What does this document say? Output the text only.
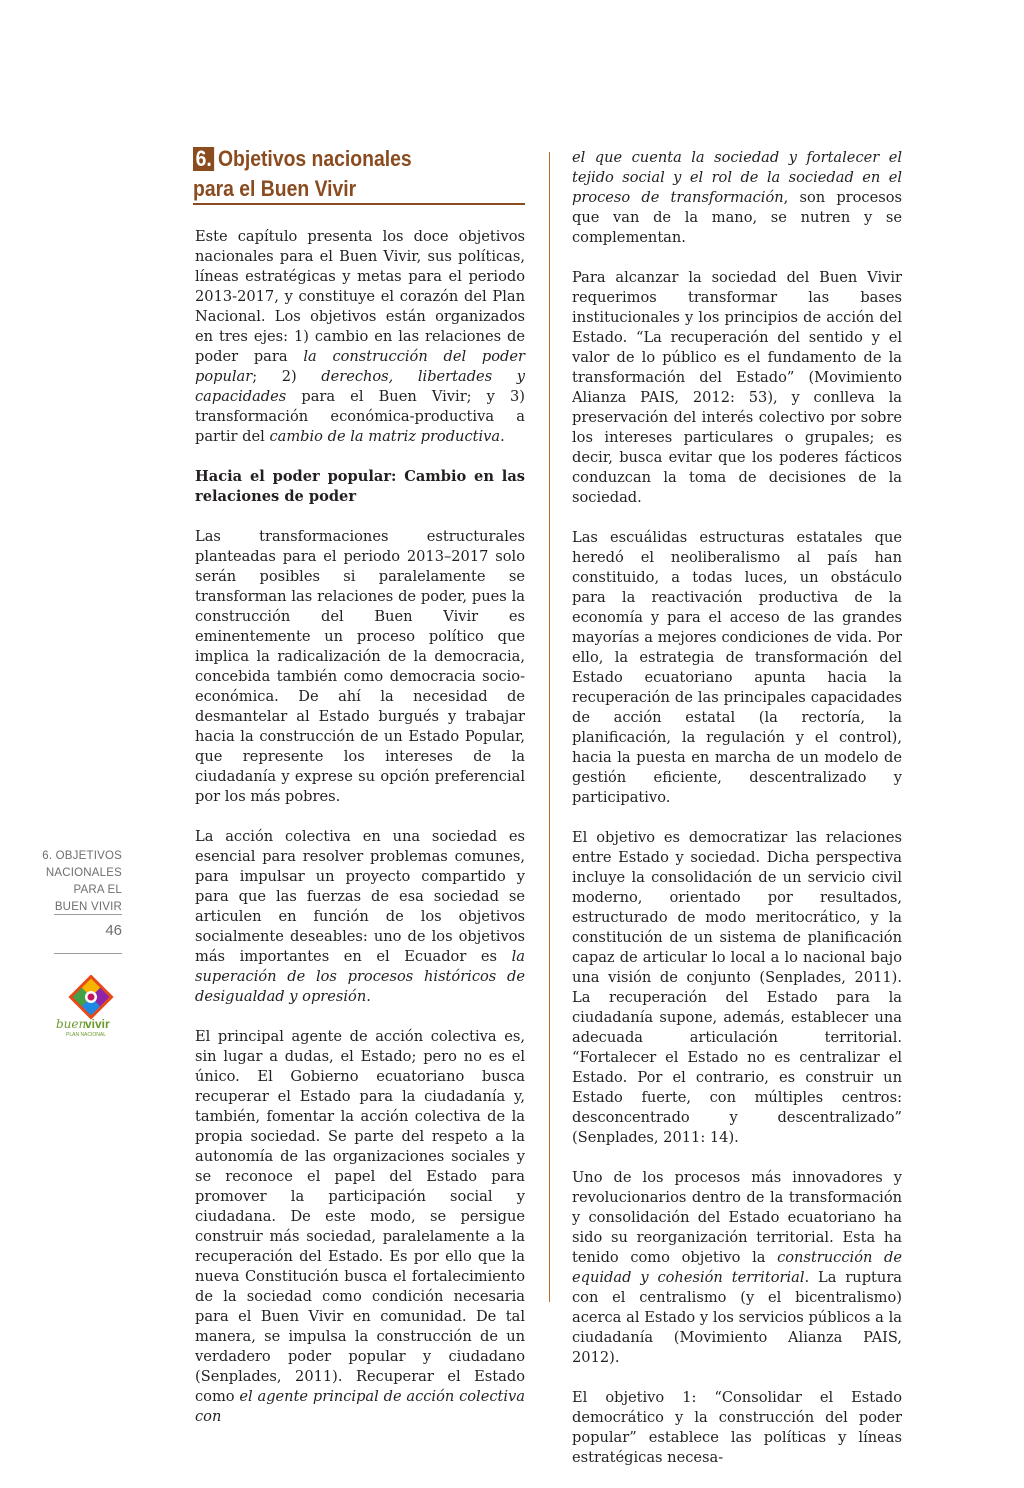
6. OBJETIVOS
NACIONALES
PARA EL
BUEN VIVIR
46
buen
vivir
PLAN NACIONAL
6. Objetivos nacionales
para el Buen Vivir

Este capítulo presenta los doce objetivos nacionales para el Buen Vivir, sus políticas, líneas estratégicas y metas para el periodo 2013-2017, y constituye el corazón del Plan Nacional. Los objetivos están organizados en tres ejes: 1) cambio en las relaciones de poder para la construcción del poder popular; 2) derechos, libertades y capacidades para el Buen Vivir; y 3) transformación económica-productiva a partir del cambio de la matriz productiva.

Hacia el poder popular: Cambio en las relaciones de poder

Las transformaciones estructurales planteadas para el periodo 2013–2017 solo serán posibles si paralelamente se transforman las relaciones de poder, pues la construcción del Buen Vivir es eminentemente un proceso político que implica la radicalización de la democracia, concebida también como democracia socio-económica. De ahí la necesidad de desmantelar al Estado burgués y trabajar hacia la construcción de un Estado Popular, que represente los intereses de la ciudadanía y exprese su opción preferencial por los más pobres.

La acción colectiva en una sociedad es esencial para resolver problemas comunes, para impulsar un proyecto compartido y para que las fuerzas de esa sociedad se articulen en función de los objetivos socialmente deseables: uno de los objetivos más importantes en el Ecuador es la superación de los procesos históricos de desigualdad y opresión.

El principal agente de acción colectiva es, sin lugar a dudas, el Estado; pero no es el único. El Gobierno ecuatoriano busca recuperar el Estado para la ciudadanía y, también, fomentar la acción colectiva de la propia sociedad. Se parte del respeto a la autonomía de las organizaciones sociales y se reconoce el papel del Estado para promover la participación social y ciudadana. De este modo, se persigue construir más sociedad, paralelamente a la recuperación del Estado. Es por ello que la nueva Constitución busca el fortalecimiento de la sociedad como condición necesaria para el Buen Vivir en comunidad. De tal manera, se impulsa la construcción de un verdadero poder popular y ciudadano (Senplades, 2011). Recuperar el Estado como el agente principal de acción colectiva con

el que cuenta la sociedad y fortalecer el tejido social y el rol de la sociedad en el proceso de transformación, son procesos que van de la mano, se nutren y se complementan.

Para alcanzar la sociedad del Buen Vivir requerimos transformar las bases institucionales y los principios de acción del Estado. “La recuperación del sentido y el valor de lo público es el fundamento de la transformación del Estado” (Movimiento Alianza PAIS, 2012: 53), y conlleva la preservación del interés colectivo por sobre los intereses particulares o grupales; es decir, busca evitar que los poderes fácticos conduzcan la toma de decisiones de la sociedad.

Las escuálidas estructuras estatales que heredó el neoliberalismo al país han constituido, a todas luces, un obstáculo para la reactivación productiva de la economía y para el acceso de las grandes mayorías a mejores condiciones de vida. Por ello, la estrategia de transformación del Estado ecuatoriano apunta hacia la recuperación de las principales capacidades de acción estatal (la rectoría, la planificación, la regulación y el control), hacia la puesta en marcha de un modelo de gestión eficiente, descentralizado y participativo.

El objetivo es democratizar las relaciones entre Estado y sociedad. Dicha perspectiva incluye la consolidación de un servicio civil moderno, orientado por resultados, estructurado de modo meritocrático, y la constitución de un sistema de planificación capaz de articular lo local a lo nacional bajo una visión de conjunto (Senplades, 2011). La recuperación del Estado para la ciudadanía supone, además, establecer una adecuada articulación territorial. “Fortalecer el Estado no es centralizar el Estado. Por el contrario, es construir un Estado fuerte, con múltiples centros: desconcentrado y descentralizado” (Senplades, 2011: 14).

Uno de los procesos más innovadores y revolucionarios dentro de la transformación y consolidación del Estado ecuatoriano ha sido su reorganización territorial. Esta ha tenido como objetivo la construcción de equidad y cohesión territorial. La ruptura con el centralismo (y el bicentralismo) acerca al Estado y los servicios públicos a la ciudadanía (Movimiento Alianza PAIS, 2012).

El objetivo 1: “Consolidar el Estado democrático y la construcción del poder popular” establece las políticas y líneas estratégicas necesa-
